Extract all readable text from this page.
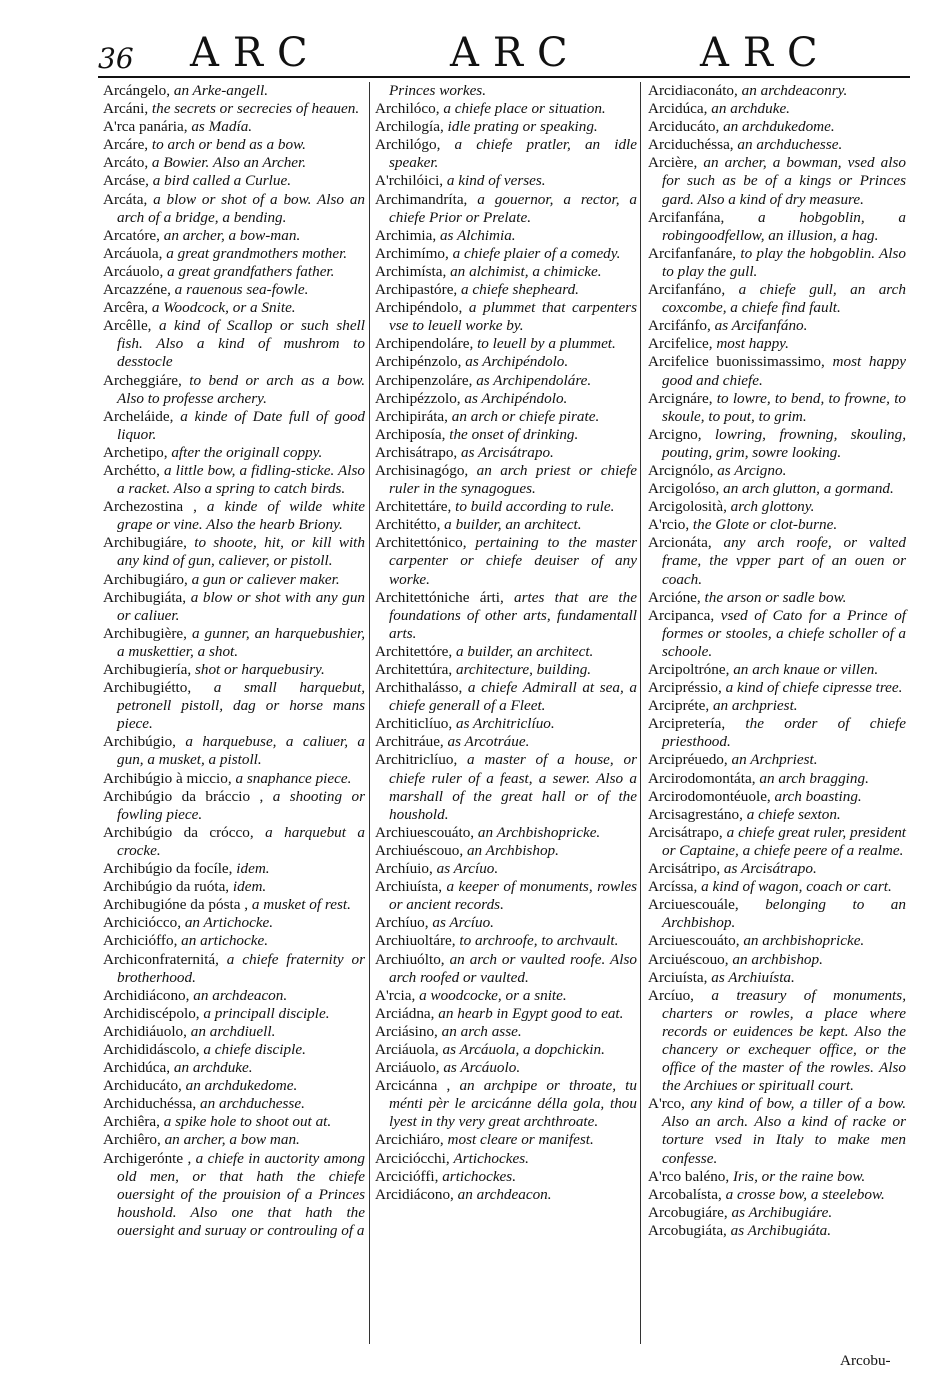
36 ARC	ARC	ARC

Arcángelo, an Arke-angell.

Arcáni, the secrets or secrecies of heauen.

A'rca panária, as Madía.

Arcáre, to arch or bend as a bow.

Arcáto, a Bowier. Also an Archer.

Arcáse, a bird called a Curlue.

Arcáta, a blow or shot of a bow. Also an arch of a bridge, a bending.

Arcatóre, an archer, a bow-man.

Arcáuola, a great grandmothers mother.

Arcáuolo, a great grandfathers father.

Arcazzéne, a rauenous sea-fowle.

Arcêra, a Woodcock, or a Snite.

Arcêlle, a kind of Scallop or such shell fish. Also a kind of mushrom to desstocle

Archeggiáre, to bend or arch as a bow. Also to professe archery.

Archeláide, a kinde of Date full of good liquor.

Archetipo, after the originall coppy.

Archétto, a little bow, a fidling-sticke. Also a racket. Also a spring to catch birds.

Archezostina , a kinde of wilde white grape or vine. Also the hearb Briony.

Archibugiáre, to shoote, hit, or kill with any kind of gun, caliever, or pistoll.

Archibugiáro, a gun or caliever maker.

Archibugiáta, a blow or shot with any gun or caliuer.

Archibugière, a gunner, an harquebushier, a muskettier, a shot.

Archibugiería, shot or harquebusiry.

Archibugiétto, a small harquebut, petronell pistoll, dag or horse mans piece.

Archibúgio, a harquebuse, a caliuer, a gun, a musket, a pistoll.

Archibúgio à miccio, a snaphance piece.

Archibúgio da bráccio , a shooting or fowling piece.

Archibúgio da crócco, a harquebut a crocke.

Archibúgio da focíle, idem.

Archibúgio da ruóta, idem.

Archibugióne da pósta , a musket of rest.

Archiciócco, an Artichocke.

Archicióffo, an artichocke.

Archiconfraternitá, a chiefe fraternity or brotherhood.

Archidiácono, an archdeacon.

Archidiscépolo, a principall disciple.

Archidiáuolo, an archdiuell.

Archididáscolo, a chiefe disciple.

Archidúca, an archduke.

Archiducáto, an archdukedome.

Archiduchéssa, an archduchesse.

Archiêra, a spike hole to shoot out at.

Archiêro, an archer, a bow man.

Archigerónte , a chiefe in auctority among old men, or that hath the chiefe ouersight of the prouision of a Princes houshold. Also one that hath the ouersight and suruay or controuling of a

Princes workes.

Archilóco, a chiefe place or situation.

Archilogía, idle prating or speaking.

Archilógo, a chiefe pratler, an idle speaker.

A'rchilóici, a kind of verses.

Archimandríta, a gouernor, a rector, a chiefe Prior or Prelate.

Archimia, as Alchimia.

Archimímo, a chiefe plaier of a comedy.

Archimísta, an alchimist, a chimicke.

Archipastóre, a chiefe shepheard.

Archipéndolo, a plummet that carpenters vse to leuell worke by.

Archipendoláre, to leuell by a plummet.

Archipénzolo, as Archipéndolo.

Archipenzoláre, as Archipendoláre.

Archipézzolo, as Archipéndolo.

Archipiráta, an arch or chiefe pirate.

Archiposía, the onset of drinking.

Archisátrapo, as Arcisátrapo.

Archisinagógo, an arch priest or chiefe ruler in the synagogues.

Architettáre, to build according to rule.

Architétto, a builder, an architect.

Architettónico, pertaining to the master carpenter or chiefe deuiser of any worke.

Architettóniche árti, artes that are the foundations of other arts, fundamentall arts.

Architettóre, a builder, an architect.

Architettúra, architecture, building.

Archithalásso, a chiefe Admirall at sea, a chiefe generall of a Fleet.

Architiclíuo, as Architriclíuo.

Architráue, as Arcotráue.

Architriclíuo, a master of a house, or chiefe ruler of a feast, a sewer. Also a marshall of the great hall or of the houshold.

Archiuescouáto, an Archbishopricke.

Archiuéscouo, an Archbishop.

Archíuio, as Arcíuo.

Archiuísta, a keeper of monuments, rowles or ancient records.

Archíuo, as Arcíuo.

Archiuoltáre, to archroofe, to archvault.

Archiuólto, an arch or vaulted roofe. Also arch roofed or vaulted.

A'rcia, a woodcocke, or a snite.

Arciádna, an hearb in Egypt good to eat.

Arciásino, an arch asse.

Arciáuola, as Arcáuola, a dopchickin.

Arciáuolo, as Arcáuolo.

Arcicánna , an archpipe or throate, tu ménti pèr le arcicánne délla gola, thou lyest in thy very great archthroate.

Arcichiáro, most cleare or manifest.

Arciciócchi, Artichockes.

Arcicióffi, artichockes.

Arcidiácono, an archdeacon.

Arcidiaconáto, an archdeaconry.

Arcidúca, an archduke.

Arciducáto, an archdukedome.

Arciduchéssa, an archduchesse.

Arcière, an archer, a bowman, vsed also for such as be of a kings or Princes gard. Also a kind of dry measure.

Arcifanfána, a hobgoblin, a robingoodfellow, an illusion, a hag.

Arcifanfanáre, to play the hobgoblin. Also to play the gull.

Arcifanfáno, a chiefe gull, an arch coxcombe, a chiefe find fault.

Arcifánfo, as Arcifanfáno.

Arcifelice, most happy.

Arcifelice buonissimassimo, most happy good and chiefe.

Arcignáre, to lowre, to bend, to frowne, to skoule, to pout, to grim.

Arcigno, lowring, frowning, skouling, pouting, grim, sowre looking.

Arcignólo, as Arcigno.

Arcigolóso, an arch glutton, a gormand.

Arcigolosità, arch glottony.

A'rcio, the Glote or clot-burne.

Arcionáta, any arch roofe, or valted frame, the vpper part of an ouen or coach.

Arcióne, the arson or sadle bow.

Arcipanca, vsed of Cato for a Prince of formes or stooles, a chiefe scholler of a schoole.

Arcipoltróne, an arch knaue or villen.

Arcipréssio, a kind of chiefe cipresse tree.

Arcipréte, an archpriest.

Arcipretería, the order of chiefe priesthood.

Arcipréuedo, an Archpriest.

Arcirodomontáta, an arch bragging.

Arcirodomontéuole, arch boasting.

Arcisagrestáno, a chiefe sexton.

Arcisátrapo, a chiefe great ruler, president or Captaine, a chiefe peere of a realme.

Arcisátripo, as Arcisátrapo.

Arcíssa, a kind of wagon, coach or cart.

Arciuescouále, belonging to an Archbishop.

Arciuescouáto, an archbishopricke.

Arciuéscouo, an archbishop.

Arciuísta, as Archiuísta.

Arcíuo, a treasury of monuments, charters or rowles, a place where records or euidences be kept. Also the chancery or exchequer office, or the office of the master of the rowles. Also the Archiues or spirituall court.

A'rco, any kind of bow, a tiller of a bow. Also an arch. Also a kind of racke or torture vsed in Italy to make men confesse.

A'rco baléno, Iris, or the raine bow.

Arcobalísta, a crosse bow, a steelebow.

Arcobugiáre, as Archibugiáre.

Arcobugiáta, as Archibugiáta.

Arcobu-
